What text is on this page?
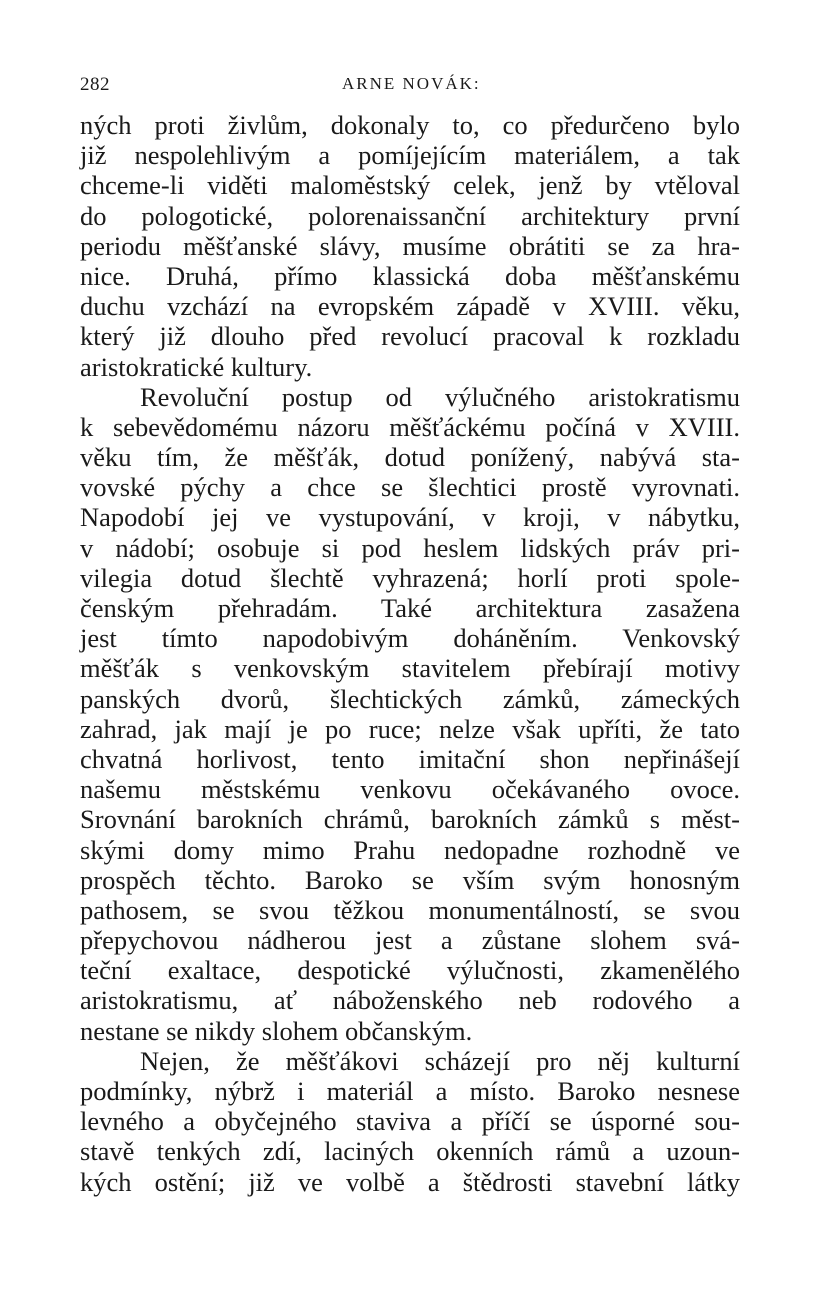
282	ARNE NOVÁK:
ných proti živlům, dokonaly to, co předurčeno bylo
již nespolehlivým a pomíjejícím materiálem, a tak
chceme-li viděti maloměstský celek, jenž by vtěloval
do pologotické, polorenaissanční architektury první
periodu měšťanské slávy, musíme obrátiti se za hra-
nice. Druhá, přímo klassická doba měšťanskému
duchu vzchází na evropském západě v XVIII. věku,
který již dlouho před revolucí pracoval k rozkladu
aristokratické kultury.
Revoluční postup od výlučného aristokratismu
k sebevědomému názoru měšťáckému počíná v XVIII.
věku tím, že měšťák, dotud ponížený, nabývá sta-
vovské pýchy a chce se šlechtici prostě vyrovnati.
Napodobí jej ve vystupování, v kroji, v nábytku,
v nádobí; osobuje si pod heslem lidských práv pri-
vilegia dotud šlechtě vyhrazená; horlí proti spole-
čenským přehradám. Také architektura zasažena
jest tímto napodobivým doháněním. Venkovský
měšťák s venkovským stavitelem přebírají motivy
panských dvorů, šlechtických zámků, zámeckých
zahrad, jak mají je po ruce; nelze však upříti, že tato
chvatná horlivost, tento imitační shon nepřinášejí
našemu městskému venkovu očekávaného ovoce.
Srovnání barokních chrámů, barokních zámků s měst-
skými domy mimo Prahu nedopadne rozhodně ve
prospěch těchto. Baroko se vším svým honosným
pathosem, se svou těžkou monumentálností, se svou
přepychovou nádherou jest a zůstane slohem svá-
teční exaltace, despotické výlučnosti, zkamenělého
aristokratismu, ať náboženského neb rodového a
nestane se nikdy slohem občanským.
Nejen, že měšťákovi scházejí pro něj kulturní
podmínky, nýbrž i materiál a místo. Baroko nesnese
levného a obyčejného staviva a příčí se úsporné sou-
stavě tenkých zdí, laciných okenních rámů a uzoun-
kých ostění; již ve volbě a štědrosti stavební látky
